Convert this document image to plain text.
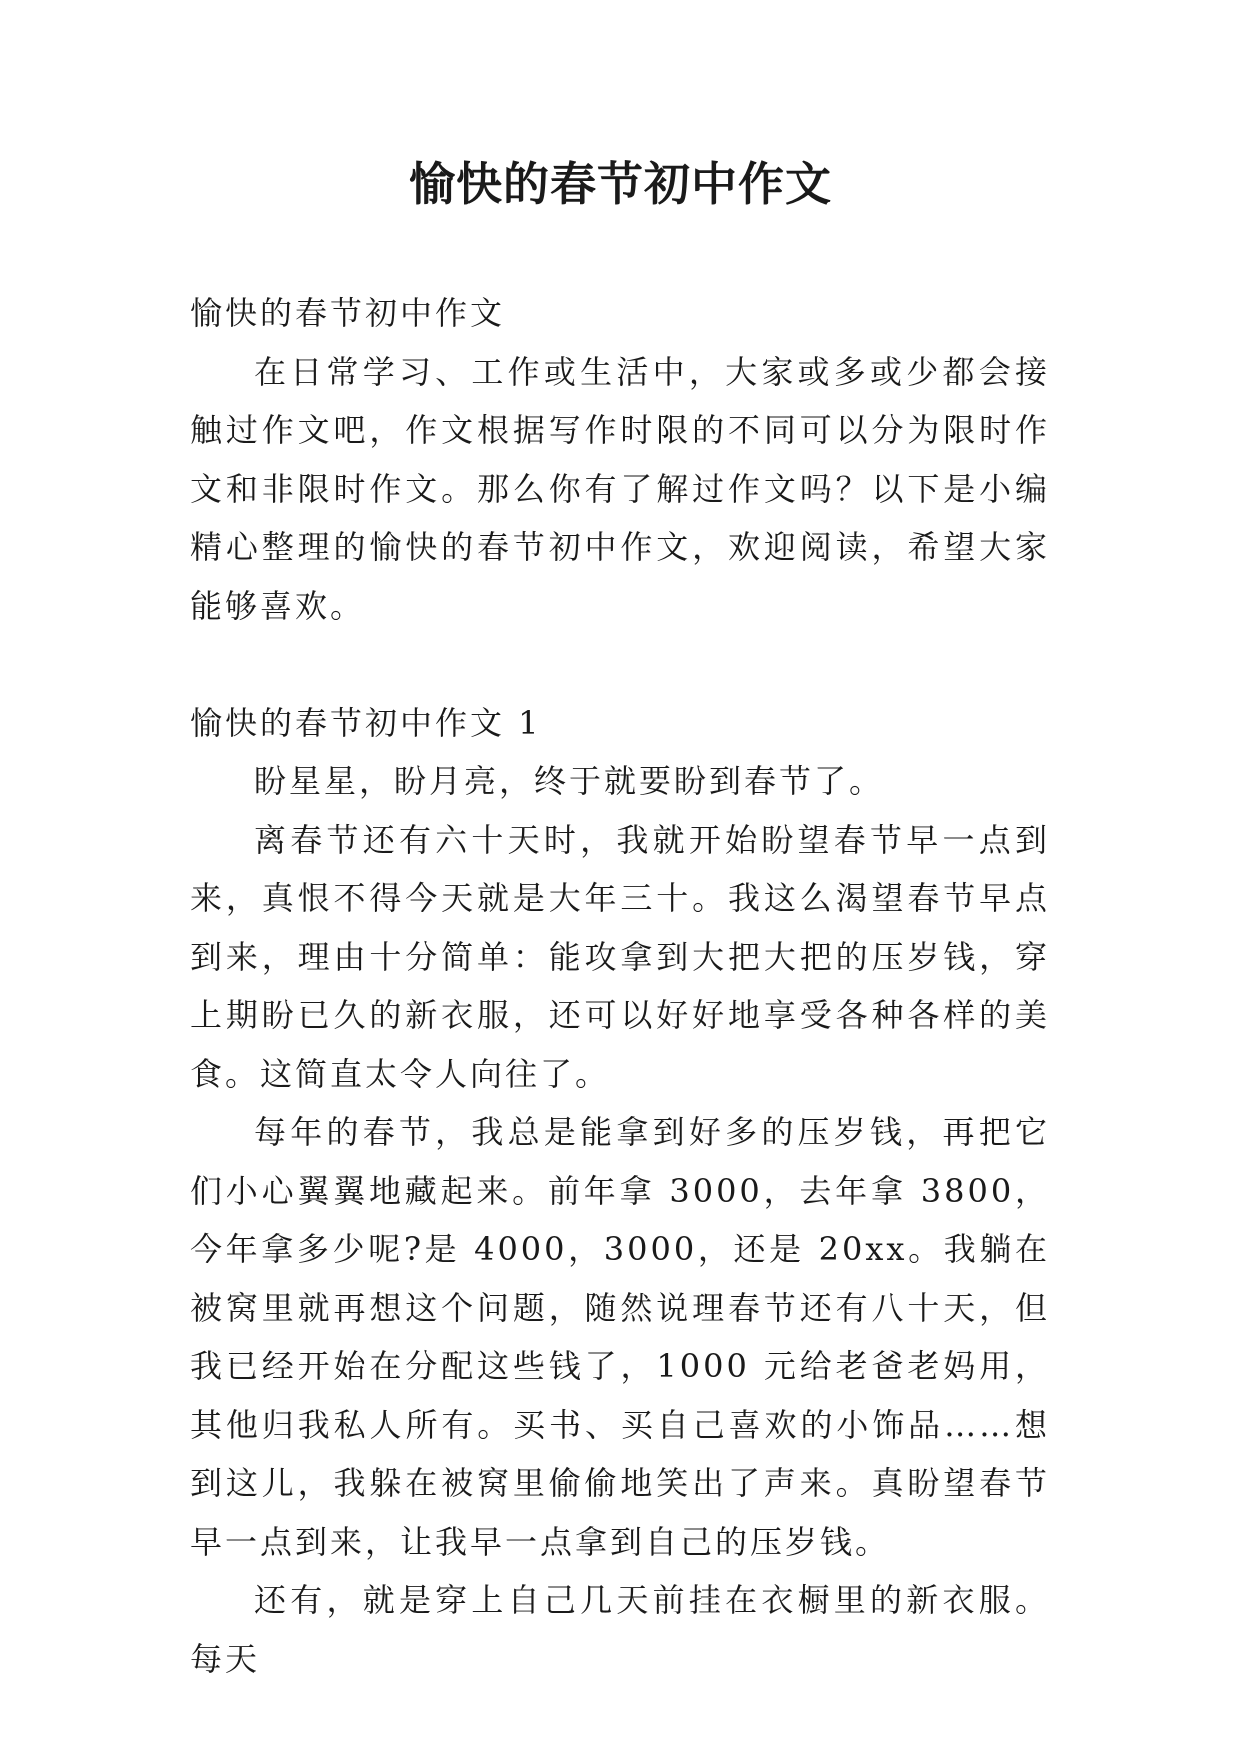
愉快的春节初中作文

愉快的春节初中作文

在日常学习、工作或生活中，大家或多或少都会接触过作文吧，作文根据写作时限的不同可以分为限时作文和非限时作文。那么你有了解过作文吗？以下是小编精心整理的愉快的春节初中作文，欢迎阅读，希望大家能够喜欢。

愉快的春节初中作文 1

盼星星，盼月亮，终于就要盼到春节了。

离春节还有六十天时，我就开始盼望春节早一点到来，真恨不得今天就是大年三十。我这么渴望春节早点到来，理由十分简单：能攻拿到大把大把的压岁钱，穿上期盼已久的新衣服，还可以好好地享受各种各样的美食。这简直太令人向往了。

每年的春节，我总是能拿到好多的压岁钱，再把它们小心翼翼地藏起来。前年拿 3000，去年拿 3800，今年拿多少呢?是 4000，3000，还是 20xx。我躺在被窝里就再想这个问题，随然说理春节还有八十天，但我已经开始在分配这些钱了，1000 元给老爸老妈用，其他归我私人所有。买书、买自己喜欢的小饰品……想到这儿，我躲在被窝里偷偷地笑出了声来。真盼望春节早一点到来，让我早一点拿到自己的压岁钱。

还有，就是穿上自己几天前挂在衣橱里的新衣服。每天
